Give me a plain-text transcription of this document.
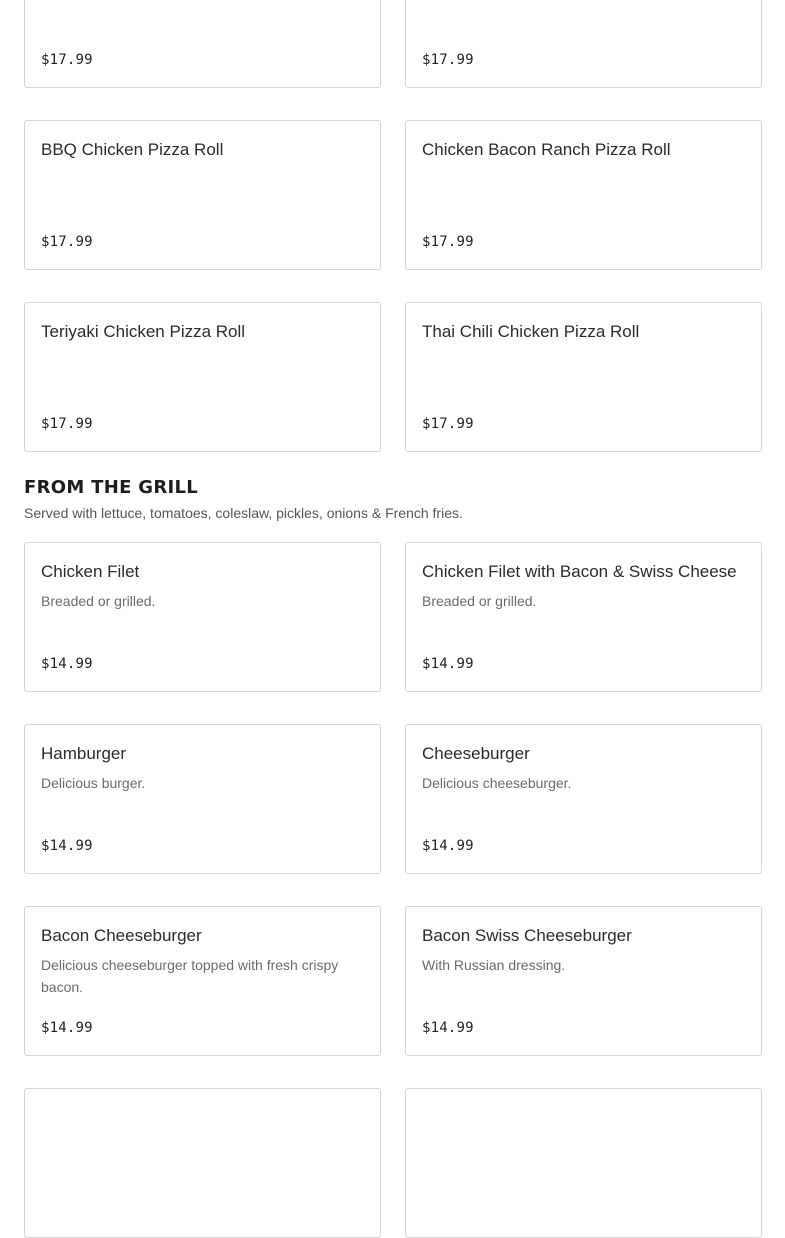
$17.99	$17.99
BBQ Chicken Pizza Roll
$17.99
Chicken Bacon Ranch Pizza Roll
$17.99
Teriyaki Chicken Pizza Roll
$17.99
Thai Chili Chicken Pizza Roll
$17.99
FROM THE GRILL
Served with lettuce, tomatoes, coleslaw, pickles, onions & French fries.
Chicken Filet
Breaded or grilled.
$14.99
Chicken Filet with Bacon & Swiss Cheese
Breaded or grilled.
$14.99
Hamburger
Delicious burger.
$14.99
Cheeseburger
Delicious cheeseburger.
$14.99
Bacon Cheeseburger
Delicious cheeseburger topped with fresh crispy bacon.
$14.99
Bacon Swiss Cheeseburger
With Russian dressing.
$14.99
